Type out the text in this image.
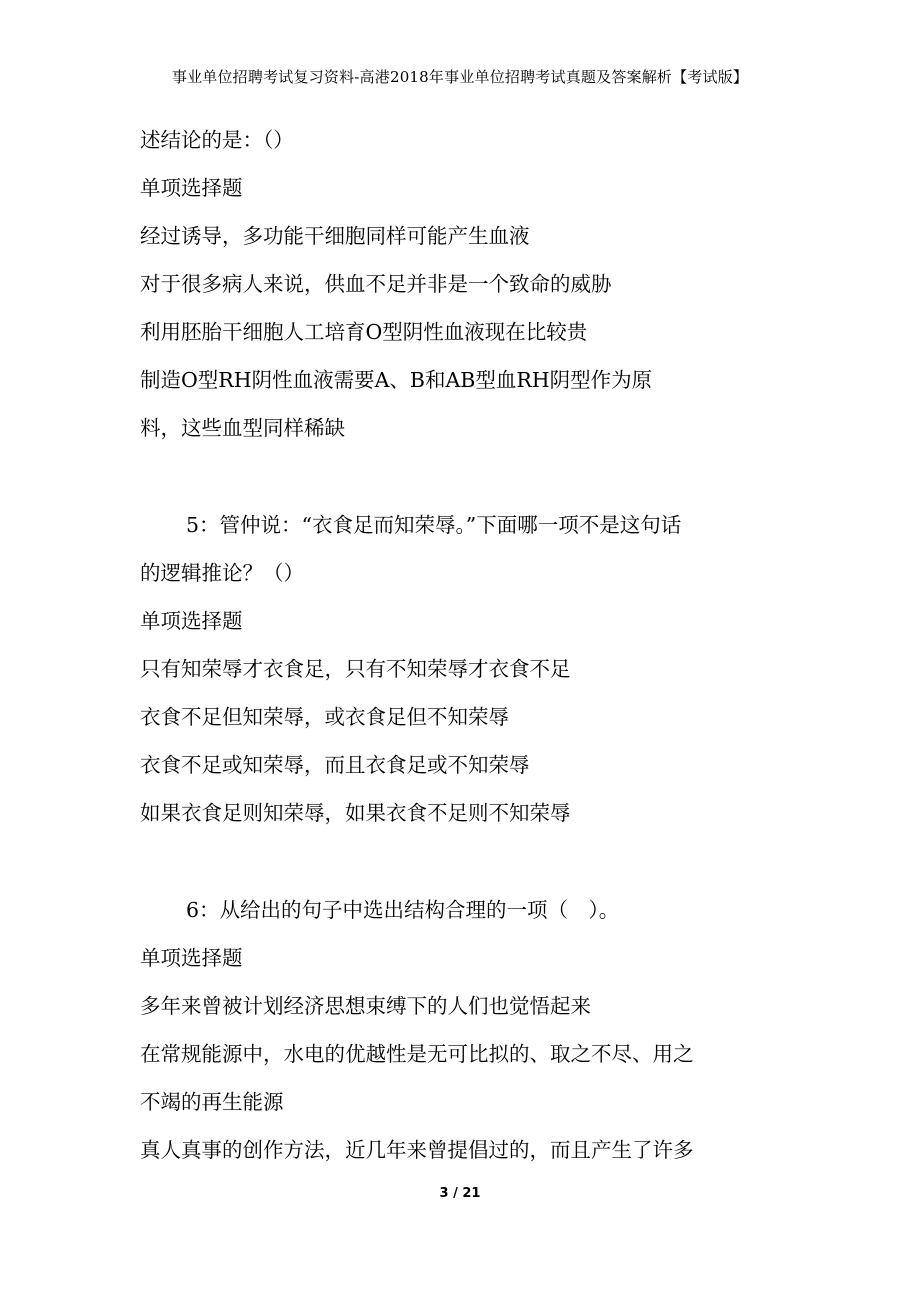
事业单位招聘考试复习资料-高港2018年事业单位招聘考试真题及答案解析【考试版】
述结论的是：（）
单项选择题
经过诱导，多功能干细胞同样可能产生血液
对于很多病人来说，供血不足并非是一个致命的威胁
利用胚胎干细胞人工培育O型阴性血液现在比较贵
制造O型RH阴性血液需要A、B和AB型血RH阴型作为原
料，这些血型同样稀缺
5：管仲说：“衣食足而知荣辱。”下面哪一项不是这句话
的逻辑推论？（）
单项选择题
只有知荣辱才衣食足，只有不知荣辱才衣食不足
衣食不足但知荣辱，或衣食足但不知荣辱
衣食不足或知荣辱，而且衣食足或不知荣辱
如果衣食足则知荣辱，如果衣食不足则不知荣辱
6：从给出的句子中选出结构合理的一项（　）。
单项选择题
多年来曾被计划经济思想束缚下的人们也觉悟起来
在常规能源中，水电的优越性是无可比拟的、取之不尽、用之
不竭的再生能源
真人真事的创作方法，近几年来曾提倡过的，而且产生了许多
3 / 21
